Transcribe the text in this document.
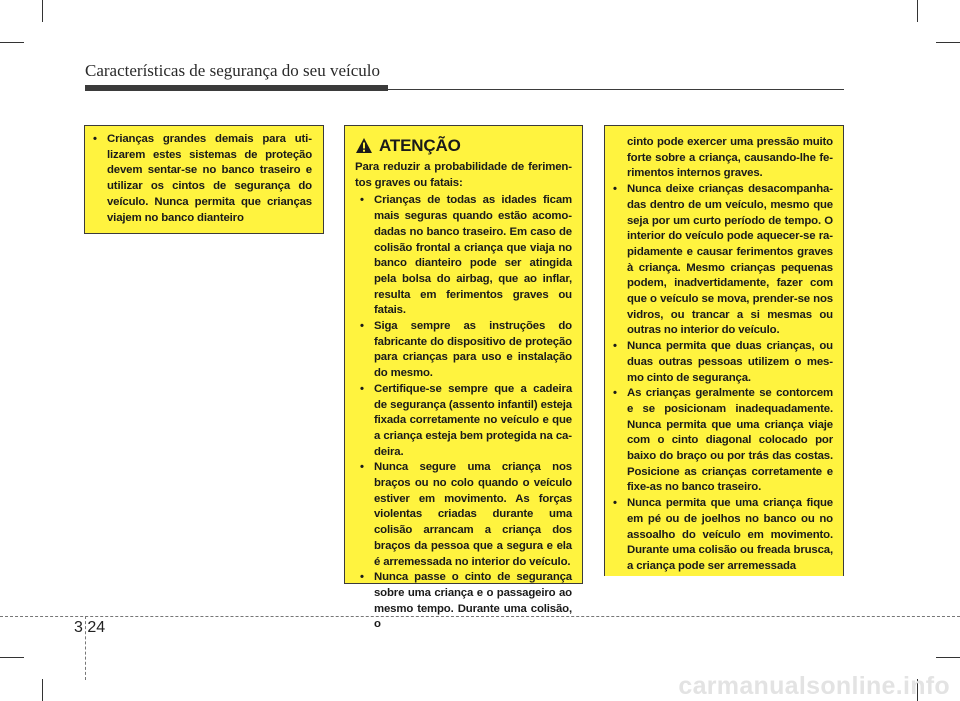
Características de segurança do seu veículo
• Crianças grandes demais para utilizarem estes sistemas de proteção devem sentar-se no banco traseiro e utilizar os cintos de segurança do veículo. Nunca permita que crianças viajem no banco dianteiro
ATENÇÃO
Para reduzir a probabilidade de ferimentos graves ou fatais:
• Crianças de todas as idades ficam mais seguras quando estão acomodadas no banco traseiro. Em caso de colisão frontal a criança que viaja no banco dianteiro pode ser atingida pela bolsa do airbag, que ao inflar, resulta em ferimentos graves ou fatais.
• Siga sempre as instruções do fabricante do dispositivo de proteção para crianças para uso e instalação do mesmo.
• Certifique-se sempre que a cadeira de segurança (assento infantil) esteja fixada corretamente no veículo e que a criança esteja bem protegida na cadeira.
• Nunca segure uma criança nos braços ou no colo quando o veículo estiver em movimento. As forças violentas criadas durante uma colisão arrancam a criança dos braços da pessoa que a segura e ela é arremessada no interior do veículo.
• Nunca passe o cinto de segurança sobre uma criança e o passageiro ao mesmo tempo. Durante uma colisão, o
cinto pode exercer uma pressão muito forte sobre a criança, causando-lhe ferimentos internos graves.
• Nunca deixe crianças desacompanhadas dentro de um veículo, mesmo que seja por um curto período de tempo. O interior do veículo pode aquecer-se rapidamente e causar ferimentos graves à criança. Mesmo crianças pequenas podem, inadvertidamente, fazer com que o veículo se mova, prender-se nos vidros, ou trancar a si mesmas ou outras no interior do veículo.
• Nunca permita que duas crianças, ou duas outras pessoas utilizem o mesmo cinto de segurança.
• As crianças geralmente se contorcem e se posicionam inadequadamente. Nunca permita que uma criança viaje com o cinto diagonal colocado por baixo do braço ou por trás das costas. Posicione as crianças corretamente e fixe-as no banco traseiro.
• Nunca permita que uma criança fique em pé ou de joelhos no banco ou no assoalho do veículo em movimento. Durante uma colisão ou freada brusca, a criança pode ser arremessada
3 24
carmanualsonline.info
